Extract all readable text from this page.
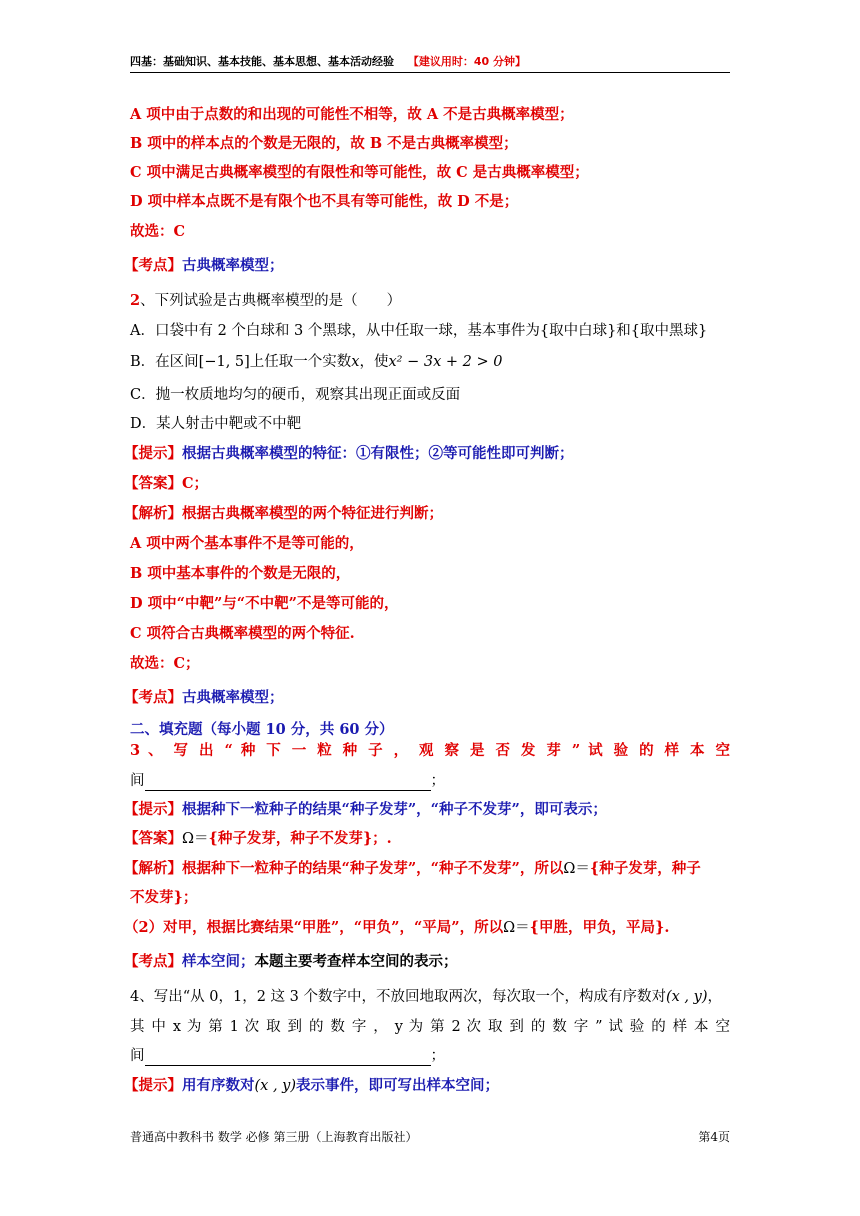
四基：基础知识、基本技能、基本思想、基本活动经验 【建议用时：40 分钟】
A 项中由于点数的和出现的可能性不相等，故 A 不是古典概率模型；
B 项中的样本点的个数是无限的，故 B 不是古典概率模型；
C 项中满足古典概率模型的有限性和等可能性，故 C 是古典概率模型；
D 项中样本点既不是有限个也不具有等可能性，故 D 不是；
故选：C
【考点】古典概率模型；
2、下列试验是古典概率模型的是（　　）
A．口袋中有 2 个白球和 3 个黑球，从中任取一球，基本事件为{取中白球}和{取中黑球}
B．在区间[−1, 5]上任取一个实数x，使x² − 3x + 2 > 0
C．抛一枚质地均匀的硬币，观察其出现正面或反面
D．某人射击中靶或不中靶
【提示】根据古典概率模型的特征：①有限性；②等可能性即可判断；
【答案】C；
【解析】根据古典概率模型的两个特征进行判断；
A 项中两个基本事件不是等可能的，
B 项中基本事件的个数是无限的，
D 项中“中靶”与“不中靶”不是等可能的，
C 项符合古典概率模型的两个特征.
故选：C；
【考点】古典概率模型；
二、填充题（每小题 10 分，共 60 分）
3 、 写 出 “ 种 下 一 粒 种 子 ， 观 察 是 否 发 芽 ” 试 验 的 样 本 空
间	；
【提示】根据种下一粒种子的结果“种子发芽”，“种子不发芽”，即可表示；
【答案】Ω＝{种子发芽，种子不发芽}；.
【解析】根据种下一粒种子的结果“种子发芽”，“种子不发芽”，所以Ω＝{种子发芽，种子
不发芽}；
（2）对甲，根据比赛结果“甲胜”，“甲负”，“平局”，所以Ω＝{甲胜，甲负，平局}.
【考点】样本空间；本题主要考查样本空间的表示；
4、写出“从 0，1，2 这 3 个数字中，不放回地取两次，每次取一个，构成有序数对(x , y)，
其 中 x 为 第 1 次 取 到 的 数 字 ， y 为 第 2 次 取 到 的 数 字 ” 试 验 的 样 本 空
间	；
【提示】用有序数对(x , y)表示事件，即可写出样本空间；
普通高中教科书 数学 必修 第三册（上海教育出版社）	第4页
